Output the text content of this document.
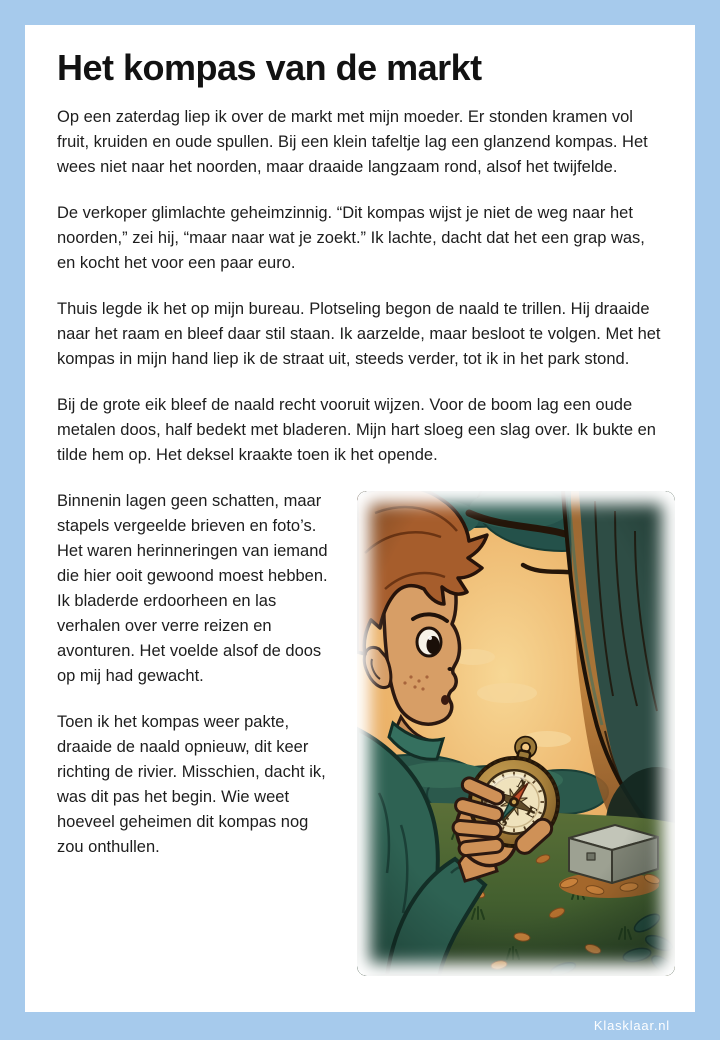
Het kompas van de markt

Op een zaterdag liep ik over de markt met mijn moeder. Er stonden kramen vol fruit, kruiden en oude spullen. Bij een klein tafeltje lag een glanzend kompas. Het wees niet naar het noorden, maar draaide langzaam rond, alsof het twijfelde.

De verkoper glimlachte geheimzinnig. “Dit kompas wijst je niet de weg naar het noorden,” zei hij, “maar naar wat je zoekt.” Ik lachte, dacht dat het een grap was, en kocht het voor een paar euro.

Thuis legde ik het op mijn bureau. Plotseling begon de naald te trillen. Hij draaide naar het raam en bleef daar stil staan. Ik aarzelde, maar besloot te volgen. Met het kompas in mijn hand liep ik de straat uit, steeds verder, tot ik in het park stond.

Bij de grote eik bleef de naald recht vooruit wijzen. Voor de boom lag een oude metalen doos, half bedekt met bladeren. Mijn hart sloeg een slag over. Ik bukte en tilde hem op. Het deksel kraakte toen ik het opende.

Binnenin lagen geen schatten, maar stapels vergeelde brieven en foto’s. Het waren herinneringen van iemand die hier ooit gewoond moest hebben. Ik bladerde erdoorheen en las verhalen over verre reizen en avonturen. Het voelde alsof de doos op mij had gewacht.

Toen ik het kompas weer pakte, draaide de naald opnieuw, dit keer richting de rivier. Misschien, dacht ik, was dit pas het begin. Wie weet hoeveel geheimen dit kompas nog zou onthullen.

Klasklaar.nl
